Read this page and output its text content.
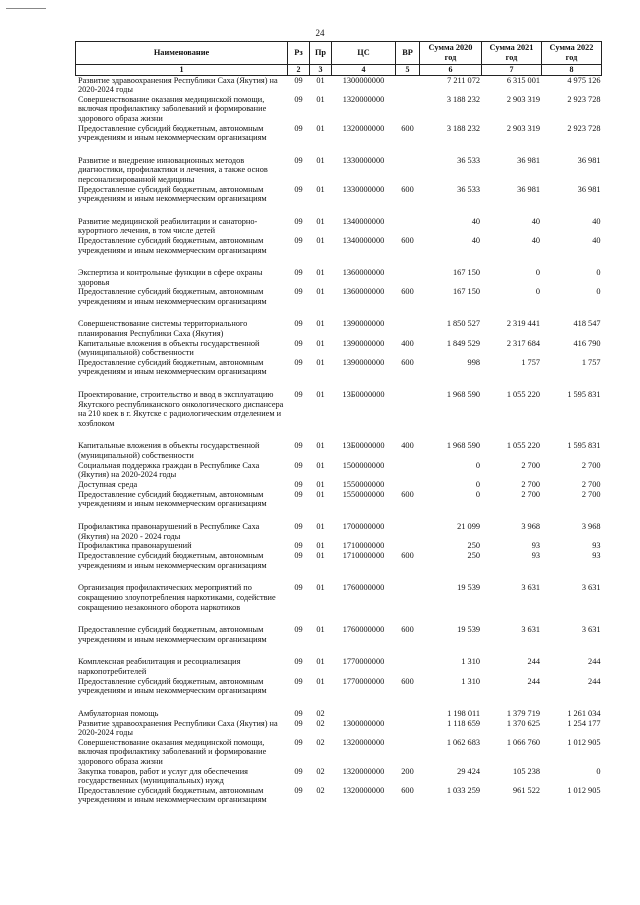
24
Наименование	Рз	Пр	ЦС	ВР	Сумма 2020 год	Сумма 2021 год	Сумма 2022 год
1	2	3	4	5	6	7	8
Развитие здравоохранения Республики Саха (Якутия) на 2020-2024 годы	09	01	1300000000		7 211 072	6 315 001	4 975 126
Совершенствование оказания медицинской помощи, включая профилактику заболеваний и формирование здорового образа жизни	09	01	1320000000		3 188 232	2 903 319	2 923 728
Предоставление субсидий бюджетным, автономным учреждениям и иным некоммерческим организациям	09	01	1320000000	600	3 188 232	2 903 319	2 923 728

Развитие и внедрение инновационных методов диагностики, профилактики и лечения, а также основ персонализированной медицины	09	01	1330000000		36 533	36 981	36 981
Предоставление субсидий бюджетным, автономным учреждениям и иным некоммерческим организациям	09	01	1330000000	600	36 533	36 981	36 981

Развитие медицинской реабилитации и санаторно-курортного лечения, в том числе детей	09	01	1340000000		40	40	40
Предоставление субсидий бюджетным, автономным учреждениям и иным некоммерческим организациям	09	01	1340000000	600	40	40	40

Экспертиза и контрольные функции в сфере охраны здоровья	09	01	1360000000		167 150	0	0
Предоставление субсидий бюджетным, автономным учреждениям и иным некоммерческим организациям	09	01	1360000000	600	167 150	0	0

Совершенствование системы территориального планирования Республики Саха (Якутия)	09	01	1390000000		1 850 527	2 319 441	418 547
Капитальные вложения в объекты государственной (муниципальной) собственности	09	01	1390000000	400	1 849 529	2 317 684	416 790
Предоставление субсидий бюджетным, автономным учреждениям и иным некоммерческим организациям	09	01	1390000000	600	998	1 757	1 757

Проектирование, строительство и ввод в эксплуатацию Якутского республиканского онкологического диспансера на 210 коек в г. Якутске с радиологическим отделением и хозблоком	09	01	13Б0000000		1 968 590	1 055 220	1 595 831

Капитальные вложения в объекты государственной (муниципальной) собственности	09	01	13Б0000000	400	1 968 590	1 055 220	1 595 831
Социальная поддержка граждан в Республике Саха (Якутия) на 2020-2024 годы	09	01	1500000000		0	2 700	2 700
Доступная среда	09	01	1550000000		0	2 700	2 700
Предоставление субсидий бюджетным, автономным учреждениям и иным некоммерческим организациям	09	01	1550000000	600	0	2 700	2 700

Профилактика правонарушений в Республике Саха (Якутия) на 2020 - 2024 годы	09	01	1700000000		21 099	3 968	3 968
Профилактика правонарушений	09	01	1710000000		250	93	93
Предоставление субсидий бюджетным, автономным учреждениям и иным некоммерческим организациям	09	01	1710000000	600	250	93	93

Организация профилактических мероприятий по сокращению злоупотребления наркотиками, содействие сокращению незаконного оборота наркотиков	09	01	1760000000		19 539	3 631	3 631

Предоставление субсидий бюджетным, автономным учреждениям и иным некоммерческим организациям	09	01	1760000000	600	19 539	3 631	3 631

Комплексная реабилитация и ресоциализация наркопотребителей	09	01	1770000000		1 310	244	244
Предоставление субсидий бюджетным, автономным учреждениям и иным некоммерческим организациям	09	01	1770000000	600	1 310	244	244

Амбулаторная помощь	09	02			1 198 011	1 379 719	1 261 034
Развитие здравоохранения Республики Саха (Якутия) на 2020-2024 годы	09	02	1300000000		1 118 659	1 370 625	1 254 177
Совершенствование оказания медицинской помощи, включая профилактику заболеваний и формирование здорового образа жизни	09	02	1320000000		1 062 683	1 066 760	1 012 905
Закупка товаров, работ и услуг для обеспечения государственных (муниципальных) нужд	09	02	1320000000	200	29 424	105 238	0
Предоставление субсидий бюджетным, автономным учреждениям и иным некоммерческим организациям	09	02	1320000000	600	1 033 259	961 522	1 012 905
